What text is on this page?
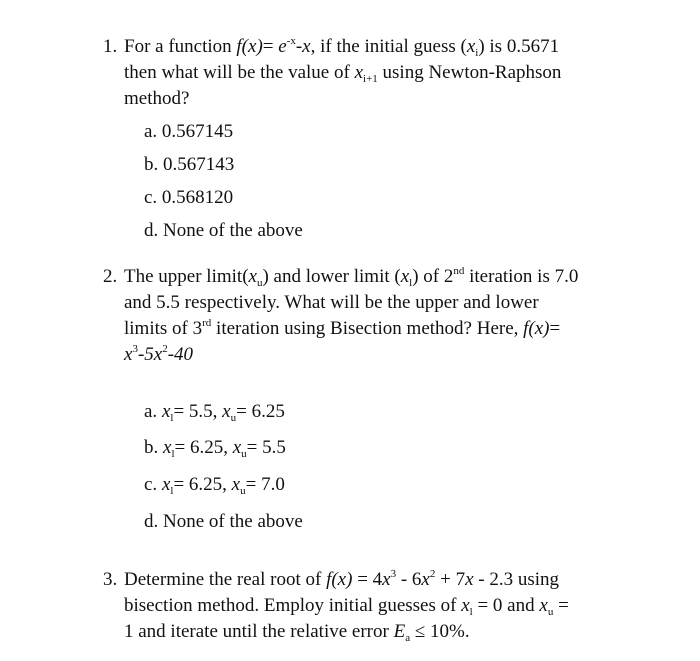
1. For a function $f(x)= e^{-x}-x$, if the initial guess $(x_i)$ is 0.5671
then what will be the value of $x_{i+1}$ using Newton-Raphson
method?
a. 0.567145
b. 0.567143
c. 0.568120
d. None of the above
2. The upper $limit(x_u)$ and lower limit $(x_l)$ of 2nd iteration is 7.0
and 5.5 respectively. What will be the upper and lower
limits of 3rd iteration using Bisection method? Here, f(x)=
$x^3-5x^2-40$
a. $x_l= 5.5$, $x_u= 6.25$
b. $x_l= 6.25$, $x_u= 5.5$
c. $x_l= 6.25$, $x_u= 7.0$
d. None of the above
3. Determine the real root of $f(x) = 4x^3 - 6x^2 + 7x - 2.3$ using
bisection method. Employ initial guesses of $x_l = 0$ and $x_u$ =
1 and iterate until the relative error $E_a \le 10\%$.
